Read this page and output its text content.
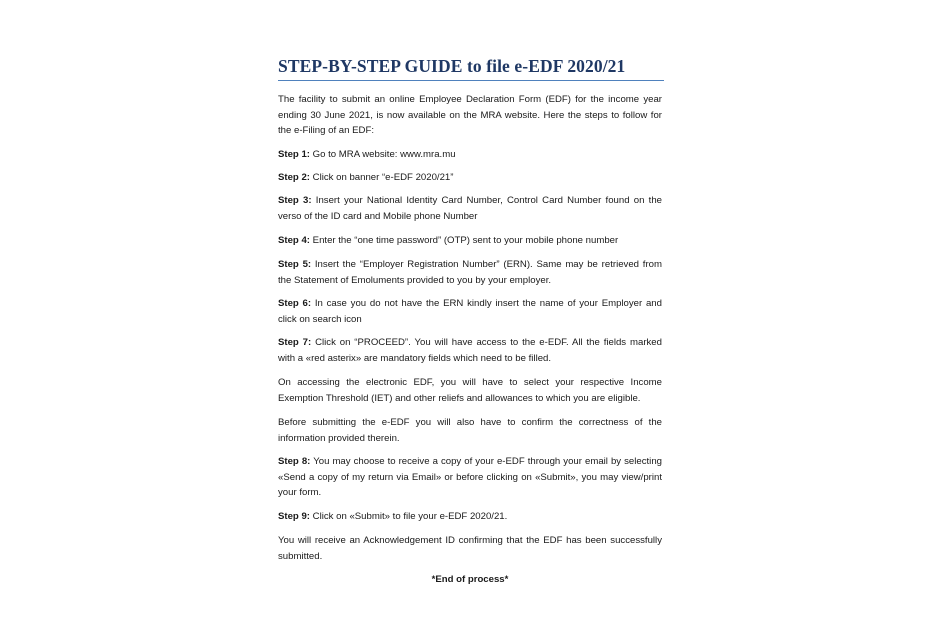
STEP-BY-STEP GUIDE to file e-EDF 2020/21

The facility to submit an online Employee Declaration Form (EDF) for the income year ending 30 June 2021, is now available on the MRA website. Here the steps to follow for the e-Filing of an EDF:

Step 1: Go to MRA website: www.mra.mu

Step 2: Click on banner “e-EDF 2020/21”

Step 3: Insert your National Identity Card Number, Control Card Number found on the verso of the ID card and Mobile phone Number

Step 4: Enter the “one time password” (OTP) sent to your mobile phone number

Step 5: Insert the “Employer Registration Number” (ERN). Same may be retrieved from the Statement of Emoluments provided to you by your employer.

Step 6: In case you do not have the ERN kindly insert the name of your Employer and click on search icon

Step 7: Click on “PROCEED”. You will have access to the e-EDF. All the fields marked with a «red asterix» are mandatory fields which need to be filled.

On accessing the electronic EDF, you will have to select your respective Income Exemption Threshold (IET) and other reliefs and allowances to which you are eligible.

Before submitting the e-EDF you will also have to confirm the correctness of the information provided therein.

Step 8: You may choose to receive a copy of your e-EDF through your email by selecting «Send a copy of my return via Email» or before clicking on «Submit», you may view/print your form.

Step 9: Click on «Submit» to file your e-EDF 2020/21.

You will receive an Acknowledgement ID confirming that the EDF has been successfully submitted.

*End of process*
